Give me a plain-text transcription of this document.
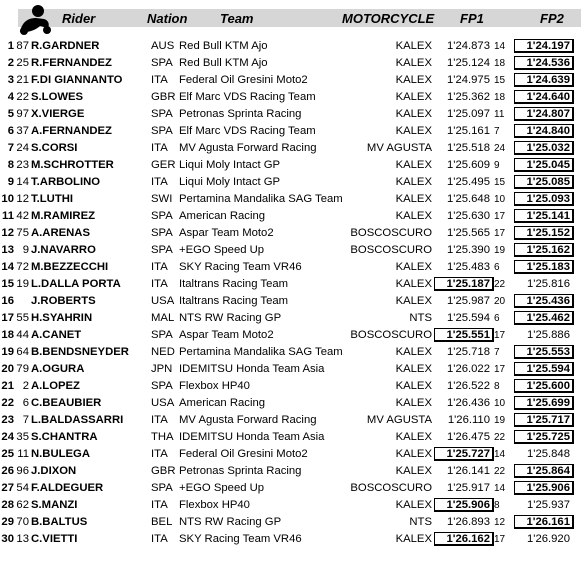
Rider	Nation	Team	MOTORCYCLE FP1	FP2
1 87 R.GARDNER	AUS Red Bull KTM Ajo	KALEX	1'24.873 14	1'24.197
2 25 R.FERNANDEZ	SPA Red Bull KTM Ajo	KALEX	1'25.124 18	1'24.536
3 21 F.DI GIANNANTO	ITA Federal Oil Gresini Moto2	KALEX	1'24.975 15	1'24.639
4 22 S.LOWES	GBR Elf Marc VDS Racing Team	KALEX	1'25.362 18	1'24.640
5 97 X.VIERGE	SPA Petronas Sprinta Racing	KALEX	1'25.097 11	1'24.807
6 37 A.FERNANDEZ	SPA Elf Marc VDS Racing Team	KALEX	1'25.161 7	1'24.840
7 24 S.CORSI	ITA MV Agusta Forward Racing	MV AGUSTA	1'25.518 24	1'25.032
8 23 M.SCHROTTER	GER Liqui Moly Intact GP	KALEX	1'25.609 9	1'25.045
9 14 T.ARBOLINO	ITA Liqui Moly Intact GP	KALEX	1'25.495 15	1'25.085
10 12 T.LUTHI	SWI Pertamina Mandalika SAG Team	KALEX	1'25.648 10	1'25.093
11 42 M.RAMIREZ	SPA American Racing	KALEX	1'25.630 17	1'25.141
12 75 A.ARENAS	SPA Aspar Team Moto2	BOSCOSCURO	1'25.565 17	1'25.152
13 9 J.NAVARRO	SPA +EGO Speed Up	BOSCOSCURO	1'25.390 19	1'25.162
14 72 M.BEZZECCHI	ITA SKY Racing Team VR46	KALEX	1'25.483 6	1'25.183
15 19 L.DALLA PORTA	ITA Italtrans Racing Team	KALEX	1'25.187 22	1'25.816
16 J.ROBERTS	USA Italtrans Racing Team	KALEX	1'25.987 20	1'25.436
17 55 H.SYAHRIN	MAL NTS RW Racing GP	NTS	1'25.594 6	1'25.462
18 44 A.CANET	SPA Aspar Team Moto2	BOSCOSCURO	1'25.551 17	1'25.886
19 64 B.BENDSNEYDER NED Pertamina Mandalika SAG Team	KALEX	1'25.718 7	1'25.553
20 79 A.OGURA	JPN IDEMITSU Honda Team Asia	KALEX	1'26.022 17	1'25.594
21 2 A.LOPEZ	SPA Flexbox HP40	KALEX	1'26.522 8	1'25.600
22 6 C.BEAUBIER	USA American Racing	KALEX	1'26.436 10	1'25.699
23 7 L.BALDASSARRI ITA MV Agusta Forward Racing	MV AGUSTA	1'26.110 19	1'25.717
24 35 S.CHANTRA	THA IDEMITSU Honda Team Asia	KALEX	1'26.475 22	1'25.725
25 11 N.BULEGA	ITA Federal Oil Gresini Moto2	KALEX	1'25.727 14	1'25.848
26 96 J.DIXON	GBR Petronas Sprinta Racing	KALEX	1'26.141 22	1'25.864
27 54 F.ALDEGUER	SPA +EGO Speed Up	BOSCOSCURO	1'25.917 14	1'25.906
28 62 S.MANZI	ITA Flexbox HP40	KALEX	1'25.906 8	1'25.937
29 70 B.BALTUS	BEL NTS RW Racing GP	NTS	1'26.893 12	1'26.161
30 13 C.VIETTI	ITA SKY Racing Team VR46	KALEX	1'26.162 17	1'26.920
